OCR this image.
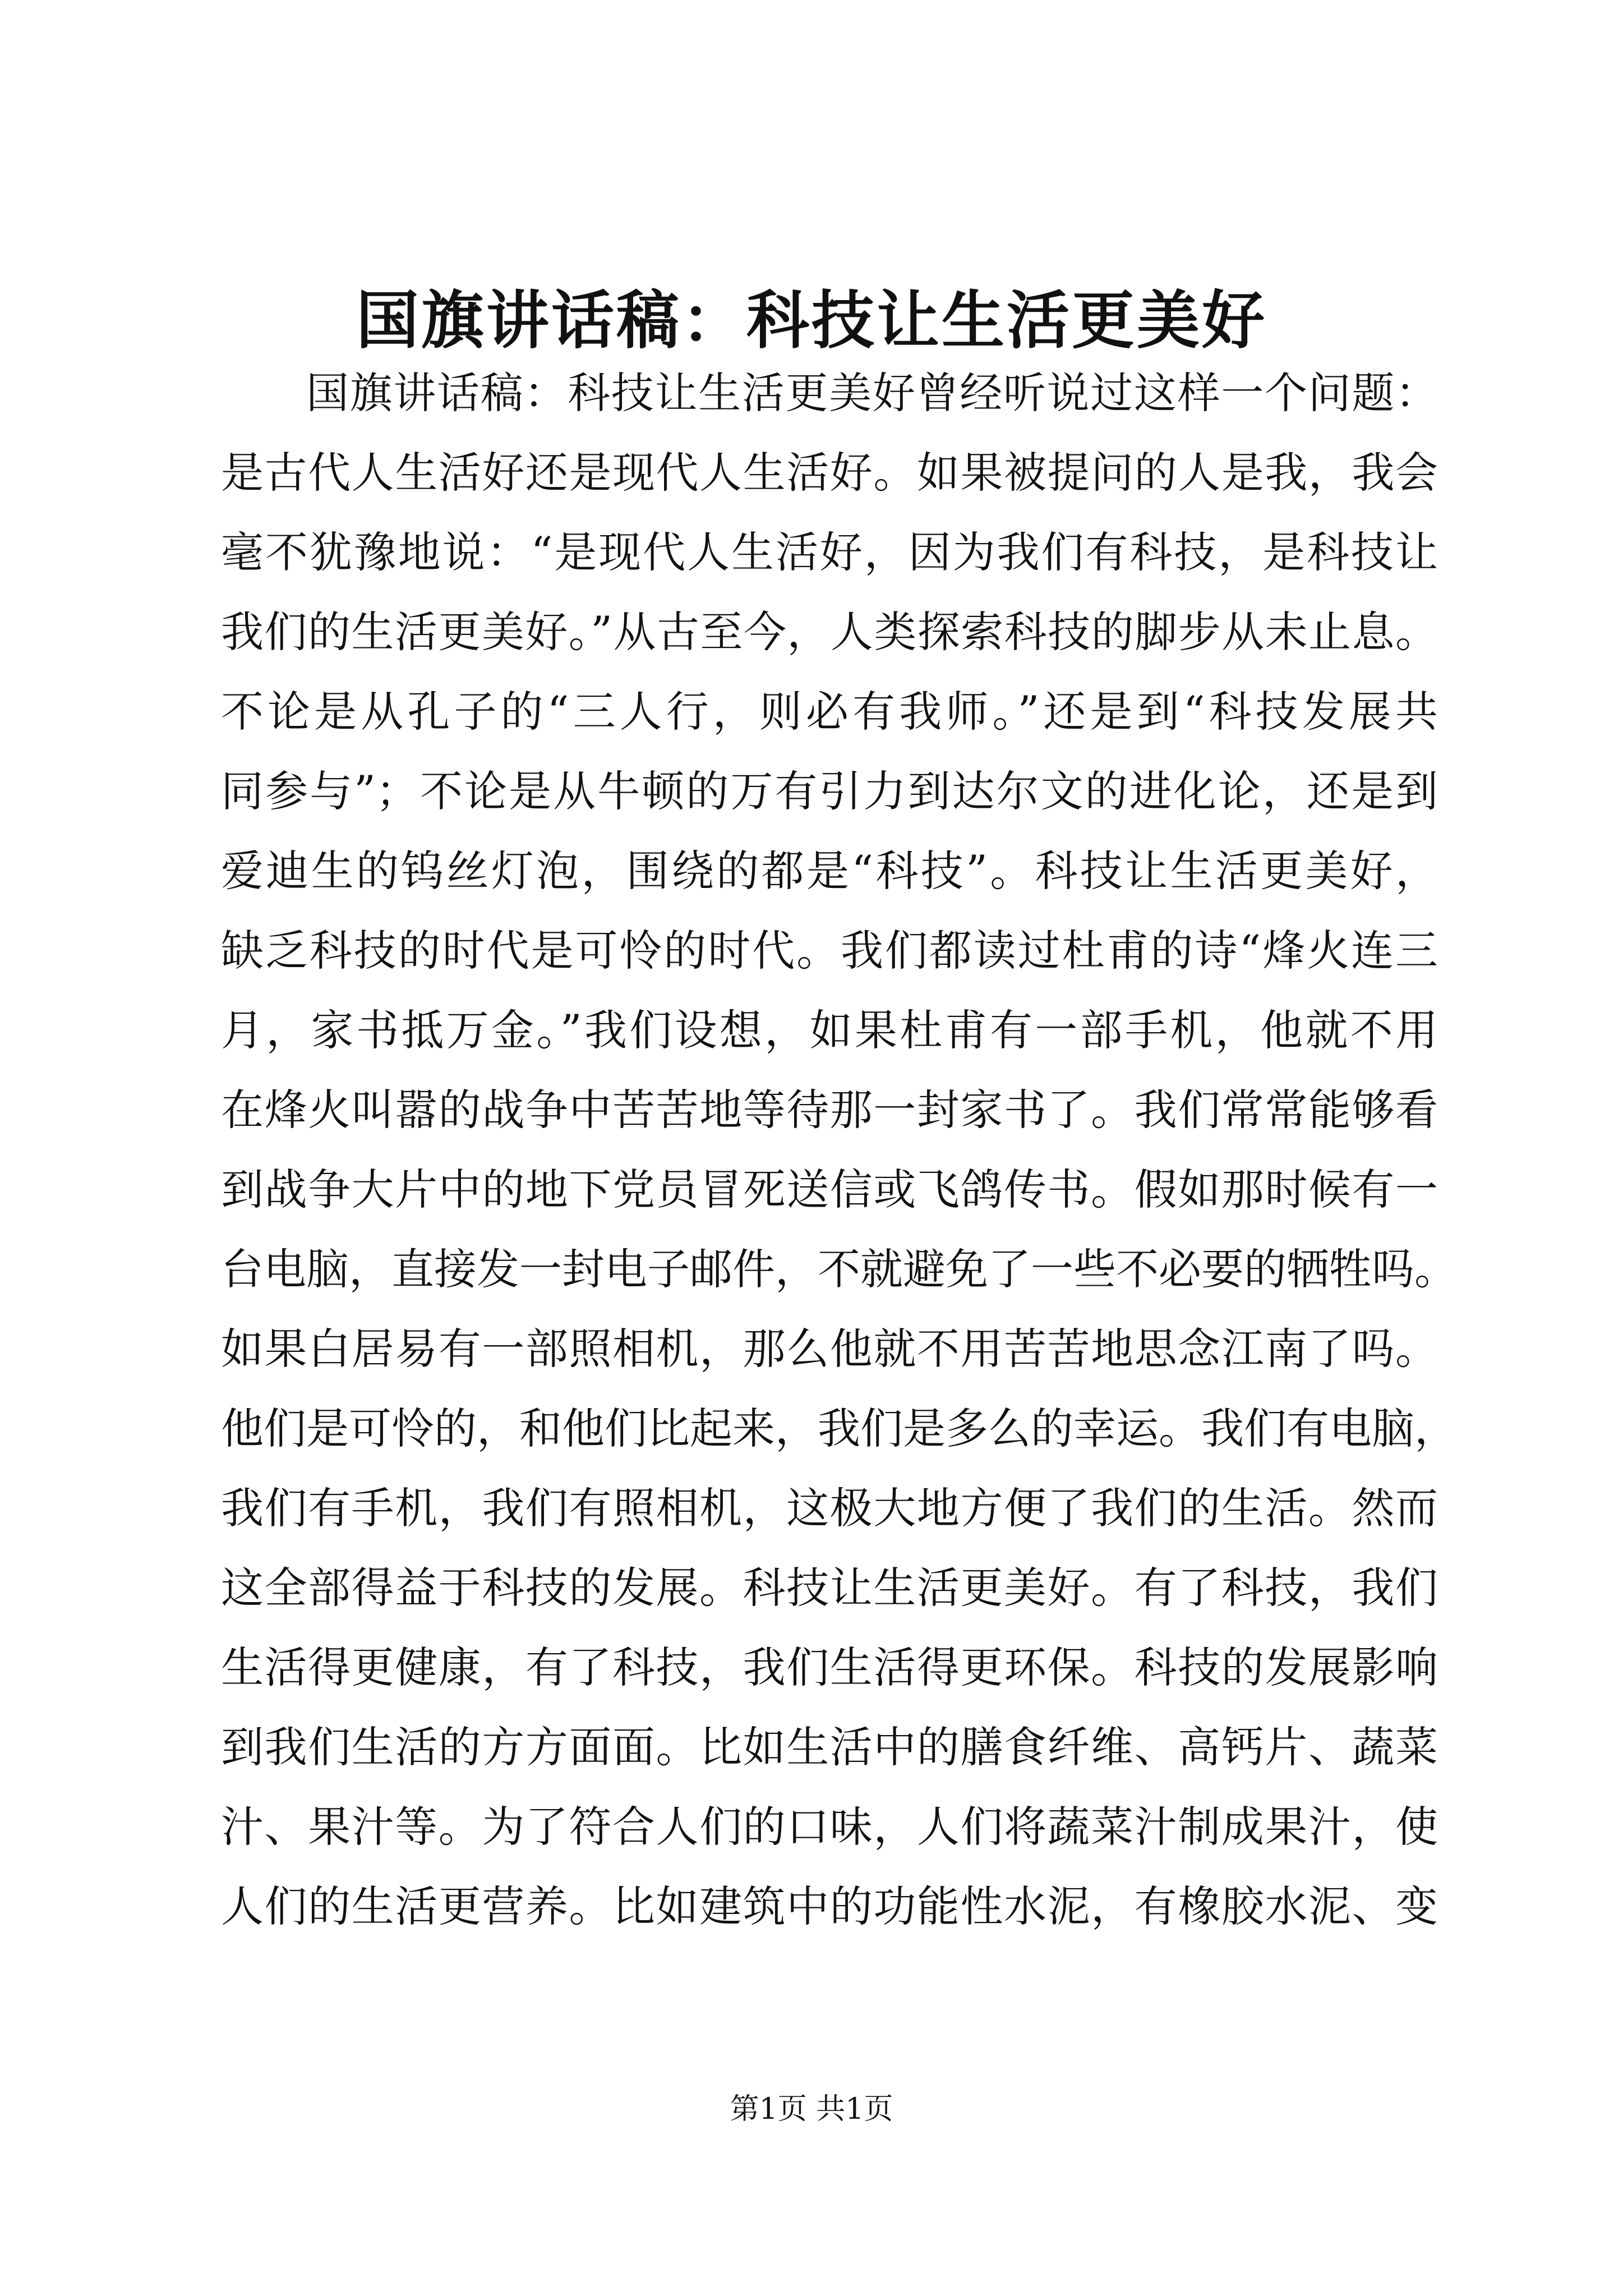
国旗讲话稿：科技让生活更美好
国旗讲话稿：科技让生活更美好曾经听说过这样一个问题：
是古代人生活好还是现代人生活好。如果被提问的人是我，我会
毫不犹豫地说：“是现代人生活好，因为我们有科技，是科技让
我们的生活更美好。”从古至今，人类探索科技的脚步从未止息。
不论是从孔子的“三人行，则必有我师。”还是到“科技发展共
同参与”；不论是从牛顿的万有引力到达尔文的进化论，还是到
爱迪生的钨丝灯泡，围绕的都是“科技”。科技让生活更美好，
缺乏科技的时代是可怜的时代。我们都读过杜甫的诗“烽火连三
月，家书抵万金。”我们设想，如果杜甫有一部手机，他就不用
在烽火叫嚣的战争中苦苦地等待那一封家书了。我们常常能够看
到战争大片中的地下党员冒死送信或飞鸽传书。假如那时候有一
台电脑，直接发一封电子邮件，不就避免了一些不必要的牺牲吗。
如果白居易有一部照相机，那么他就不用苦苦地思念江南了吗。
他们是可怜的，和他们比起来，我们是多么的幸运。我们有电脑，
我们有手机，我们有照相机，这极大地方便了我们的生活。然而
这全部得益于科技的发展。科技让生活更美好。有了科技，我们
生活得更健康，有了科技，我们生活得更环保。科技的发展影响
到我们生活的方方面面。比如生活中的膳食纤维、高钙片、蔬菜
汁、果汁等。为了符合人们的口味，人们将蔬菜汁制成果汁，使
人们的生活更营养。比如建筑中的功能性水泥，有橡胶水泥、变
第1页 共1页
